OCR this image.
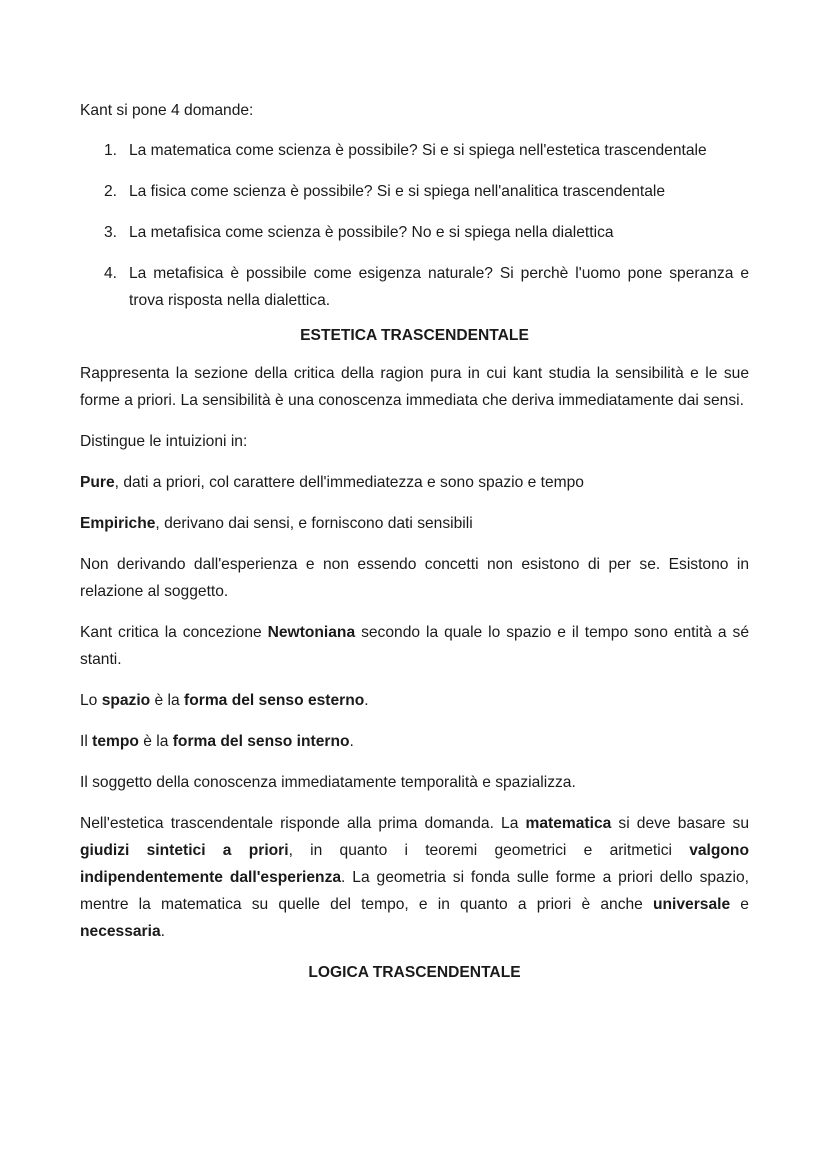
Kant si pone 4 domande:

1. La matematica come scienza è possibile? Si e si spiega nell'estetica trascendentale
2. La fisica come scienza è possibile? Si e si spiega nell'analitica trascendentale
3. La metafisica come scienza è possibile? No e si spiega nella dialettica
4. La metafisica è possibile come esigenza naturale? Si perchè l'uomo pone speranza e trova risposta nella dialettica.

ESTETICA TRASCENDENTALE

Rappresenta la sezione della critica della ragion pura in cui kant studia la sensibilità e le sue forme a priori. La sensibilità è una conoscenza immediata che deriva immediatamente dai sensi.

Distingue le intuizioni in:

Pure, dati a priori, col carattere dell'immediatezza e sono spazio e tempo

Empiriche, derivano dai sensi, e forniscono dati sensibili

Non derivando dall'esperienza e non essendo concetti non esistono di per se. Esistono in relazione al soggetto.

Kant critica la concezione Newtoniana secondo la quale lo spazio e il tempo sono entità a sé stanti.

Lo spazio è la forma del senso esterno.

Il tempo è la forma del senso interno.

Il soggetto della conoscenza immediatamente temporalità e spazializza.

Nell'estetica trascendentale risponde alla prima domanda. La matematica si deve basare su giudizi sintetici a priori, in quanto i teoremi geometrici e aritmetici valgono indipendentemente dall'esperienza. La geometria si fonda sulle forme a priori dello spazio, mentre la matematica su quelle del tempo, e in quanto a priori è anche universale e necessaria.

LOGICA TRASCENDENTALE
